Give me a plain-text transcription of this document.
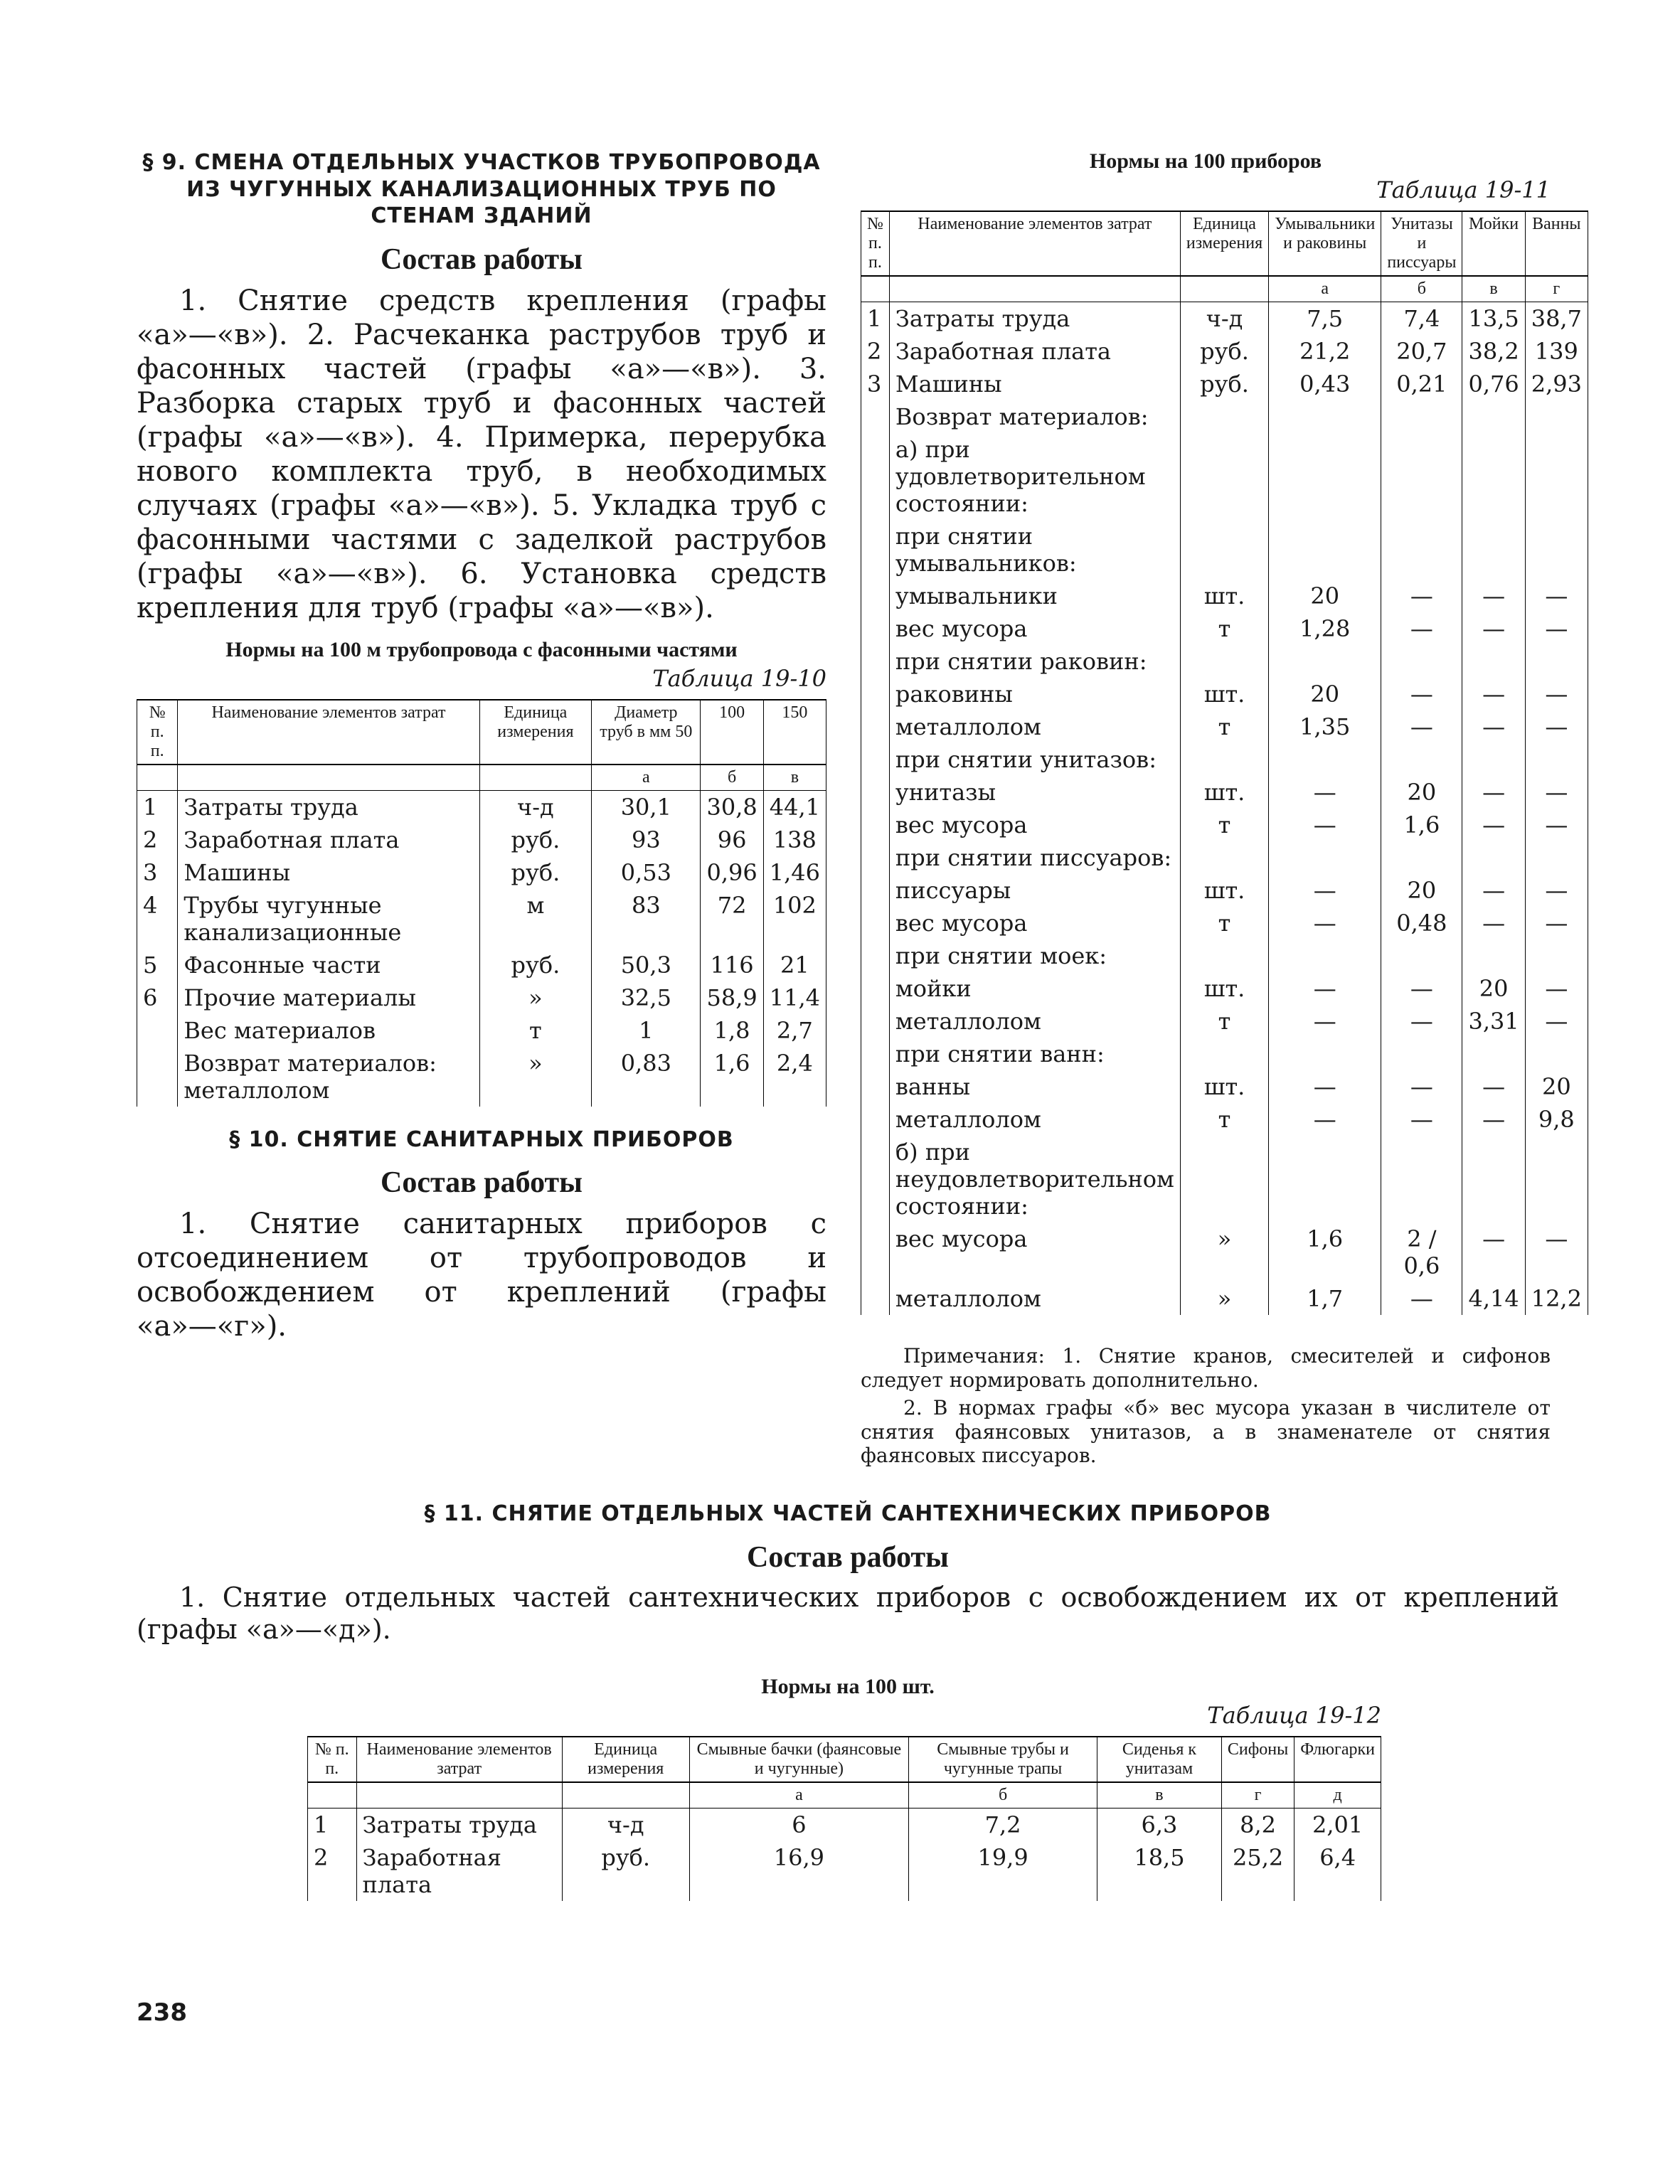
§ 9. СМЕНА ОТДЕЛЬНЫХ УЧАСТКОВ ТРУБОПРОВОДА ИЗ ЧУГУННЫХ КАНАЛИЗАЦИОННЫХ ТРУБ ПО СТЕНАМ ЗДАНИЙ
Состав работы

1. Снятие средств крепления (графы «а»—«в»). 2. Расчеканка раструбов труб и фасонных частей (графы «а»—«в»). 3. Разборка старых труб и фасонных частей (графы «а»—«в»). 4. Примерка, перерубка нового комплекта труб, в необходимых случаях (графы «а»—«в»). 5. Укладка труб с фасонными частями с заделкой раструбов (графы «а»—«в»). 6. Установка средств крепления для труб (графы «а»—«в»).

Нормы на 100 м трубопровода с фасонными частями
Таблица 19-10
№ п. п.	Наименование элементов затрат	Единица измерения	Диаметр труб в мм 50	100	150
			а	б	в
1	Затраты труда	ч-д	30,1	30,8	44,1
2	Заработная плата	руб.	93	96	138
3	Машины	руб.	0,53	0,96	1,46
4	Трубы чугунные канализационные	м	83	72	102
5	Фасонные части	руб.	50,3	116	21
6	Прочие материалы	»	32,5	58,9	11,4
	Вес материалов	т	1	1,8	2,7
	Возврат материалов: металлолом	»	0,83	1,6	2,4
§ 10. СНЯТИЕ САНИТАРНЫХ ПРИБОРОВ
Состав работы

1. Снятие санитарных приборов с отсоединением от трубопроводов и освобождением от креплений (графы «а»—«г»).

Нормы на 100 приборов
Таблица 19-11
№ п. п.	Наименование элементов затрат	Единица измерения	Умывальники и раковины	Унитазы и писсуары	Мойки	Ванны
			а	б	в	г
1	Затраты труда	ч-д	7,5	7,4	13,5	38,7
2	Заработная плата	руб.	21,2	20,7	38,2	139
3	Машины	руб.	0,43	0,21	0,76	2,93
	Возврат материалов:					
	а) при удовлетворительном состоянии:					
	при снятии умывальников:					
	умывальники	шт.	20	—	—	—
	вес мусора	т	1,28	—	—	—
	при снятии раковин:					
	раковины	шт.	20	—	—	—
	металлолом	т	1,35	—	—	—
	при снятии унитазов:					
	унитазы	шт.	—	20	—	—
	вес мусора	т	—	1,6	—	—
	при снятии писсуаров:					
	писсуары	шт.	—	20	—	—
	вес мусора	т	—	0,48	—	—
	при снятии моек:					
	мойки	шт.	—	—	20	—
	металлолом	т	—	—	3,31	—
	при снятии ванн:					
	ванны	шт.	—	—	—	20
	металлолом	т	—	—	—	9,8
	б) при неудовлетворительном состоянии:					
	вес мусора	»	1,6	2 / 0,6	—	—
	металлолом	»	1,7	—	4,14	12,2

Примечания: 1. Снятие кранов, смесителей и сифонов следует нормировать дополнительно.

2. В нормах графы «б» вес мусора указан в числителе от снятия фаянсовых унитазов, а в знаменателе от снятия фаянсовых писсуаров.

§ 11. СНЯТИЕ ОТДЕЛЬНЫХ ЧАСТЕЙ САНТЕХНИЧЕСКИХ ПРИБОРОВ
Состав работы

1. Снятие отдельных частей сантехнических приборов с освобождением их от креплений (графы «а»—«д»).

Нормы на 100 шт.
Таблица 19-12
№ п. п.	Наименование элементов затрат	Единица измерения	Смывные бачки (фаянсовые и чугунные)	Смывные трубы и чугунные трапы	Сиденья к унитазам	Сифоны	Флюгарки
			а	б	в	г	д
1	Затраты труда	ч-д	6	7,2	6,3	8,2	2,01
2	Заработная плата	руб.	16,9	19,9	18,5	25,2	6,4
238
